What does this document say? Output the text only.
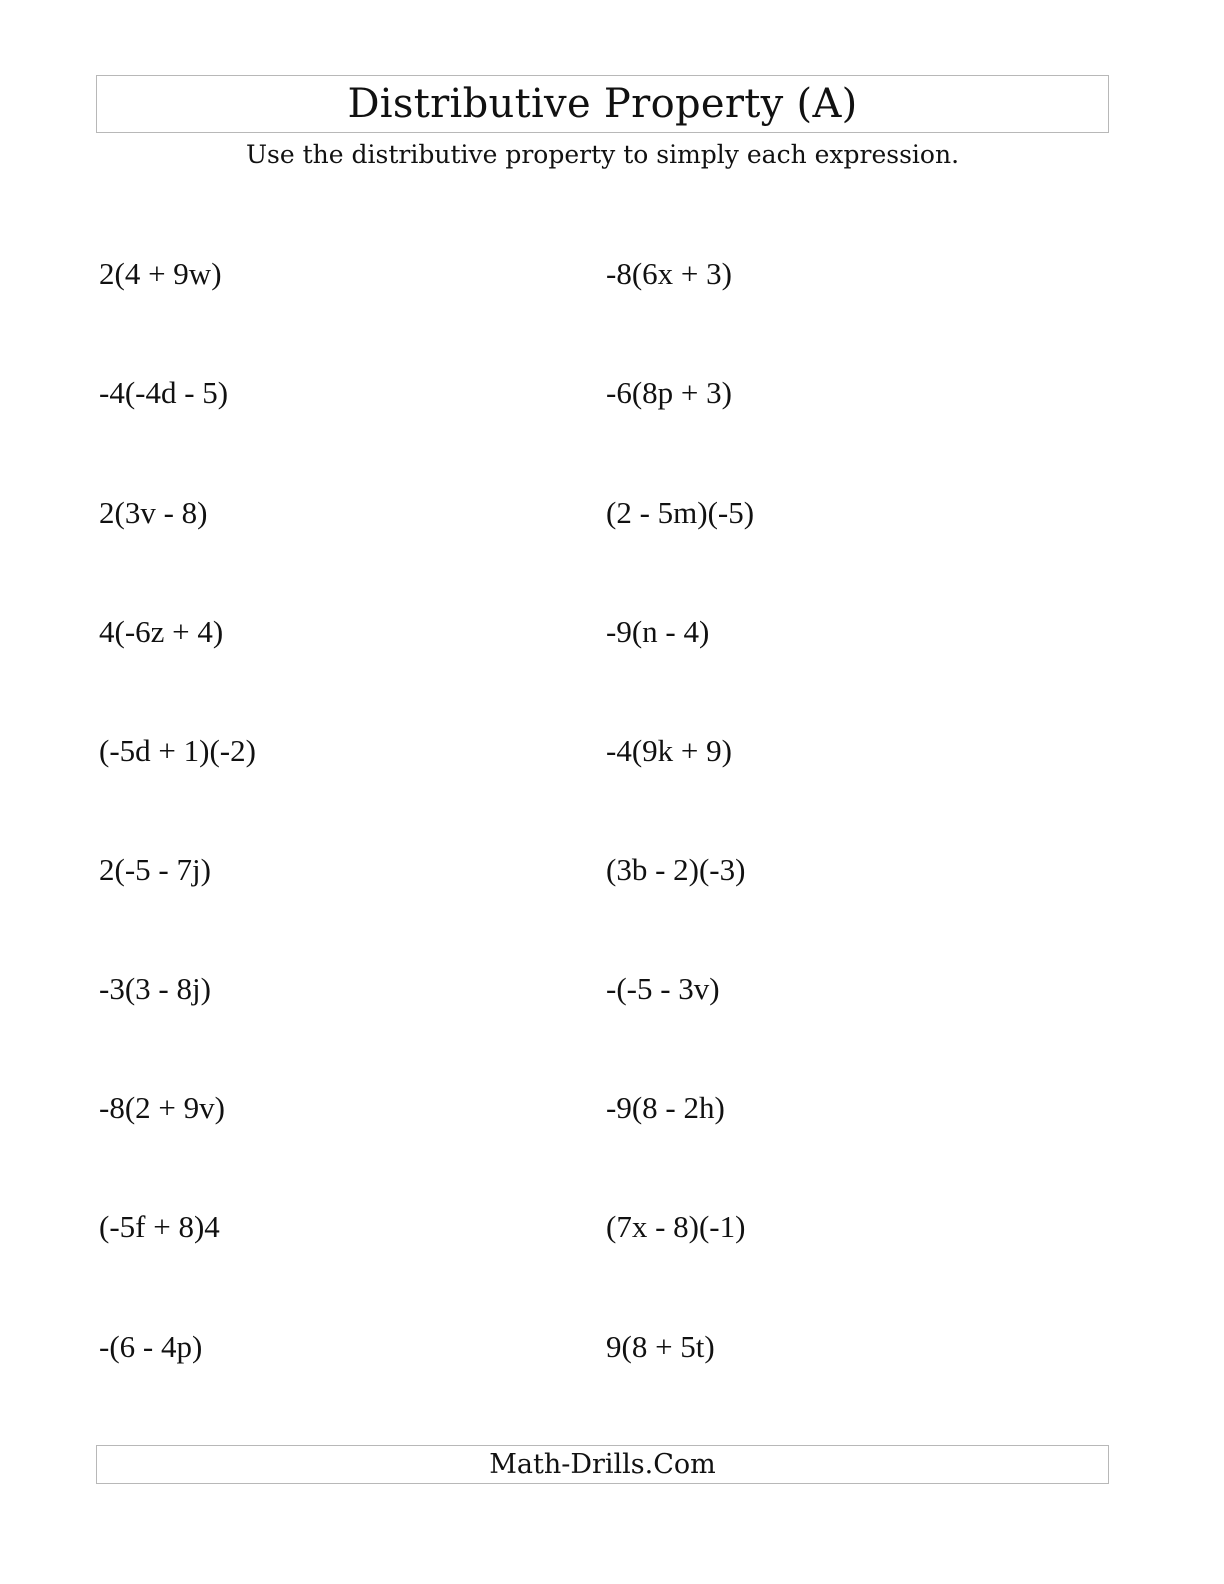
Distributive Property (A)
Use the distributive property to simply each expression.
2(4 + 9w)
-4(-4d - 5)
2(3v - 8)
4(-6z + 4)
(-5d + 1)(-2)
2(-5 - 7j)
-3(3 - 8j)
-8(2 + 9v)
(-5f + 8)4
-(6 - 4p)
-8(6x + 3)
-6(8p + 3)
(2 - 5m)(-5)
-9(n - 4)
-4(9k + 9)
(3b - 2)(-3)
-(-5 - 3v)
-9(8 - 2h)
(7x - 8)(-1)
9(8 + 5t)
Math-Drills.Com
